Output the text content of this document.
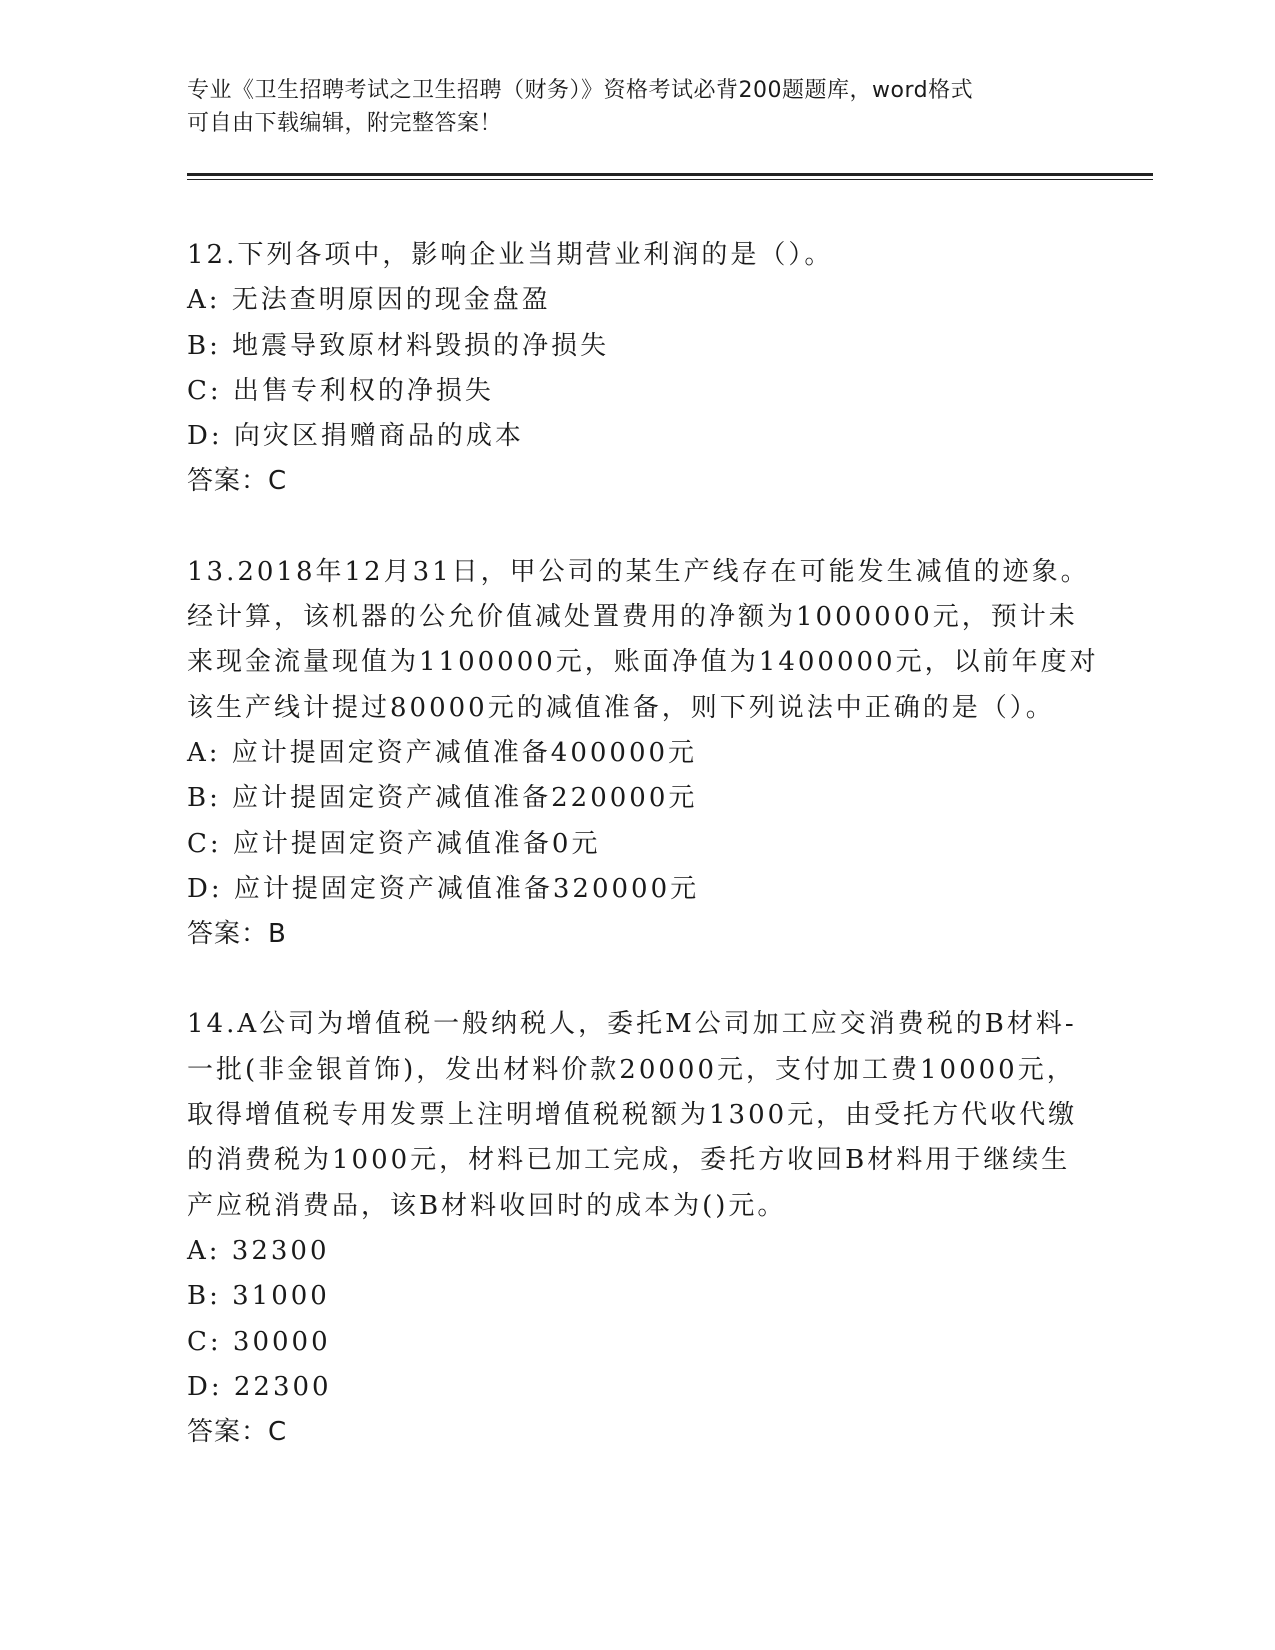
专业《卫生招聘考试之卫生招聘（财务）》资格考试必背200题题库，word格式
可自由下载编辑，附完整答案！
12.下列各项中，影响企业当期营业利润的是（）。
A: 无法查明原因的现金盘盈
B: 地震导致原材料毁损的净损失
C: 出售专利权的净损失
D: 向灾区捐赠商品的成本
答案：C
13.2018年12月31日，甲公司的某生产线存在可能发生减值的迹象。
经计算，该机器的公允价值减处置费用的净额为1000000元，预计未
来现金流量现值为1100000元，账面净值为1400000元，以前年度对
该生产线计提过80000元的减值准备，则下列说法中正确的是（）。
A: 应计提固定资产减值准备400000元
B: 应计提固定资产减值准备220000元
C: 应计提固定资产减值准备0元
D: 应计提固定资产减值准备320000元
答案：B
14.A公司为增值税一般纳税人，委托M公司加工应交消费税的B材料-
一批(非金银首饰)，发出材料价款20000元，支付加工费10000元，
取得增值税专用发票上注明增值税税额为1300元，由受托方代收代缴
的消费税为1000元，材料已加工完成，委托方收回B材料用于继续生
产应税消费品，该B材料收回时的成本为()元。
A: 32300
B: 31000
C: 30000
D: 22300
答案：C
